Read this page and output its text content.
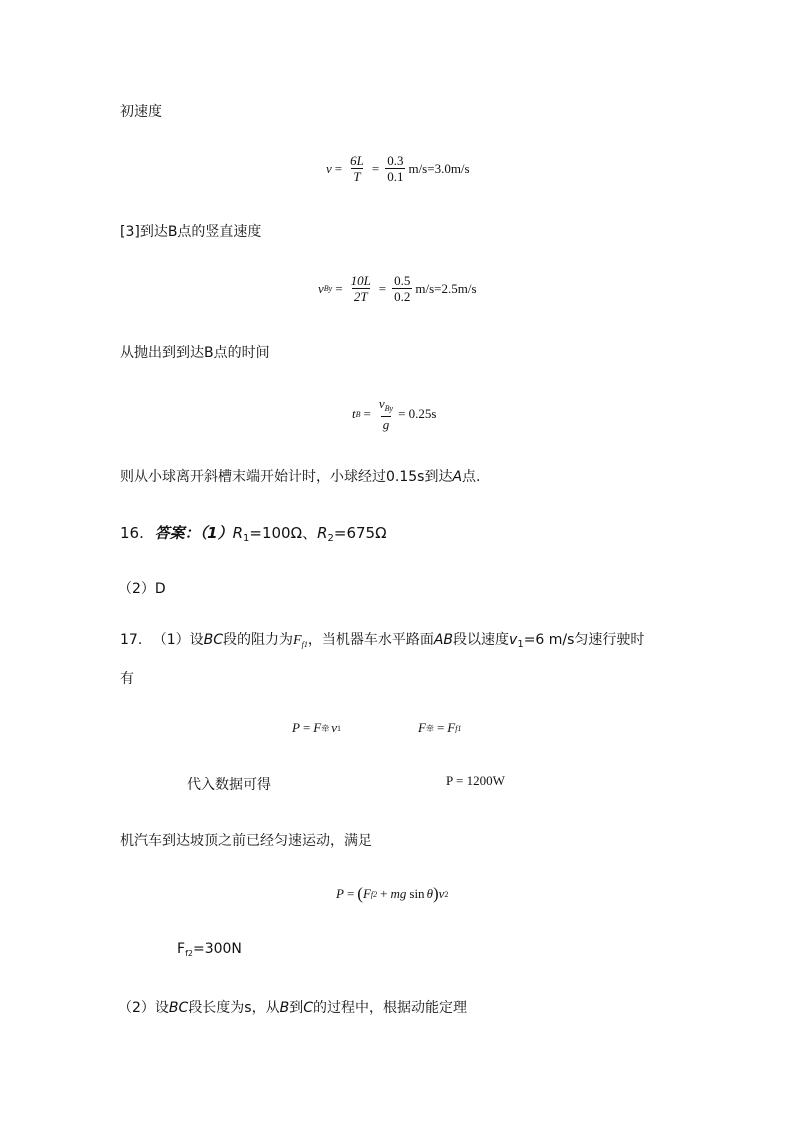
初速度
$v = \frac{6L}{T} = \frac{0.3}{0.1} m/s=3.0m/s$
[3]到达B点的竖直速度
v $By = \frac{10L}{2T} = \frac{0.5}{0.2} m/s=2.5m/s$
从抛出到到达B点的时间
t $B = \frac{v_{By}}{g} = 0.25s$
则从小球离开斜槽末端开始计时，小球经过0.15s到达A点.
16. 答案：$(1)R_1=100\Omega$、$R_2=675\Omega$
（2）D
17. （1）设BC段的阻力为$F_{f1}$，当机器车水平路面AB段以速度$v_1=6$ m/s匀速行驶时
有
P = F 牵 v 1	F 牵 = F f1
代入数据可得	P = 1200W
机汽车到达坡顶之前已经匀速运动，满足
P = ( F f2 + mg sin θ ) v 2
$F_{f2}=300N$
（2）设BC段长度为s，从B到C的过程中，根据动能定理
